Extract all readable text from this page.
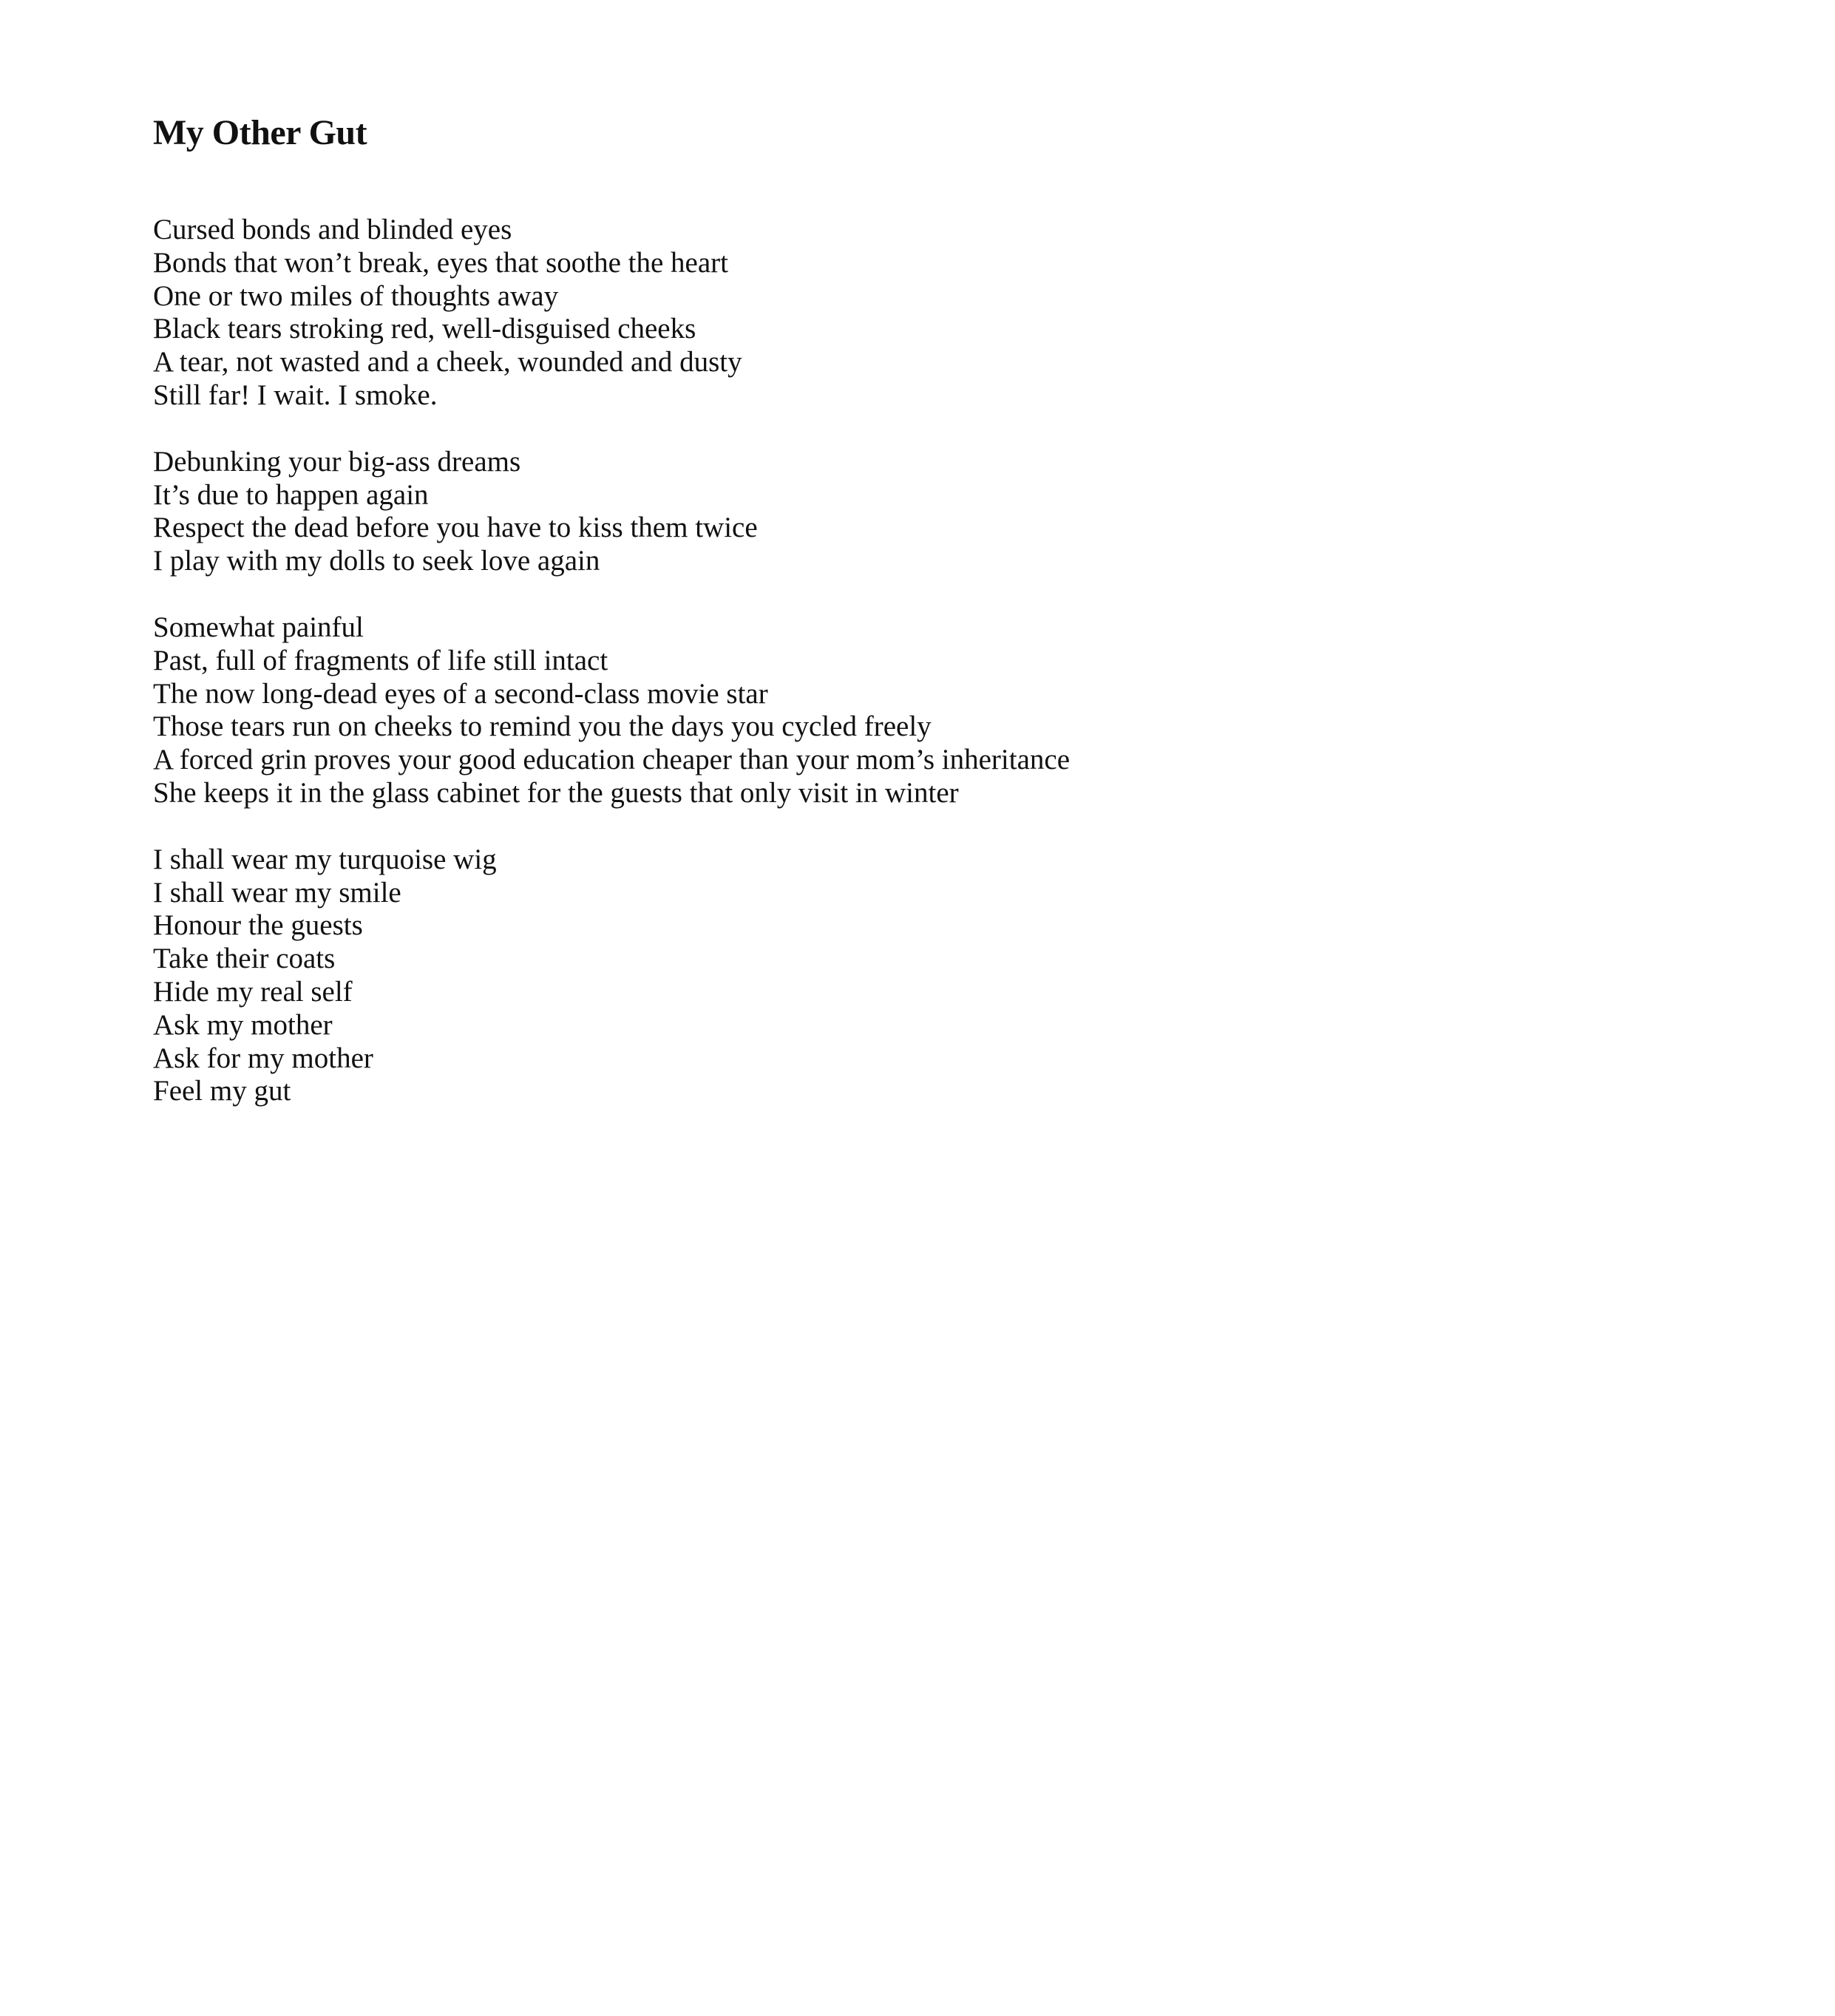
My Other Gut
Cursed bonds and blinded eyes
Bonds that won’t break, eyes that soothe the heart
One or two miles of thoughts away
Black tears stroking red, well-disguised cheeks
A tear, not wasted and a cheek, wounded and dusty
Still far! I wait. I smoke.
Debunking your big-ass dreams
It’s due to happen again
Respect the dead before you have to kiss them twice
I play with my dolls to seek love again
Somewhat painful
Past, full of fragments of life still intact
The now long-dead eyes of a second-class movie star
Those tears run on cheeks to remind you the days you cycled freely
A forced grin proves your good education cheaper than your mom’s inheritance
She keeps it in the glass cabinet for the guests that only visit in winter
I shall wear my turquoise wig
I shall wear my smile
Honour the guests
Take their coats
Hide my real self
Ask my mother
Ask for my mother
Feel my gut
